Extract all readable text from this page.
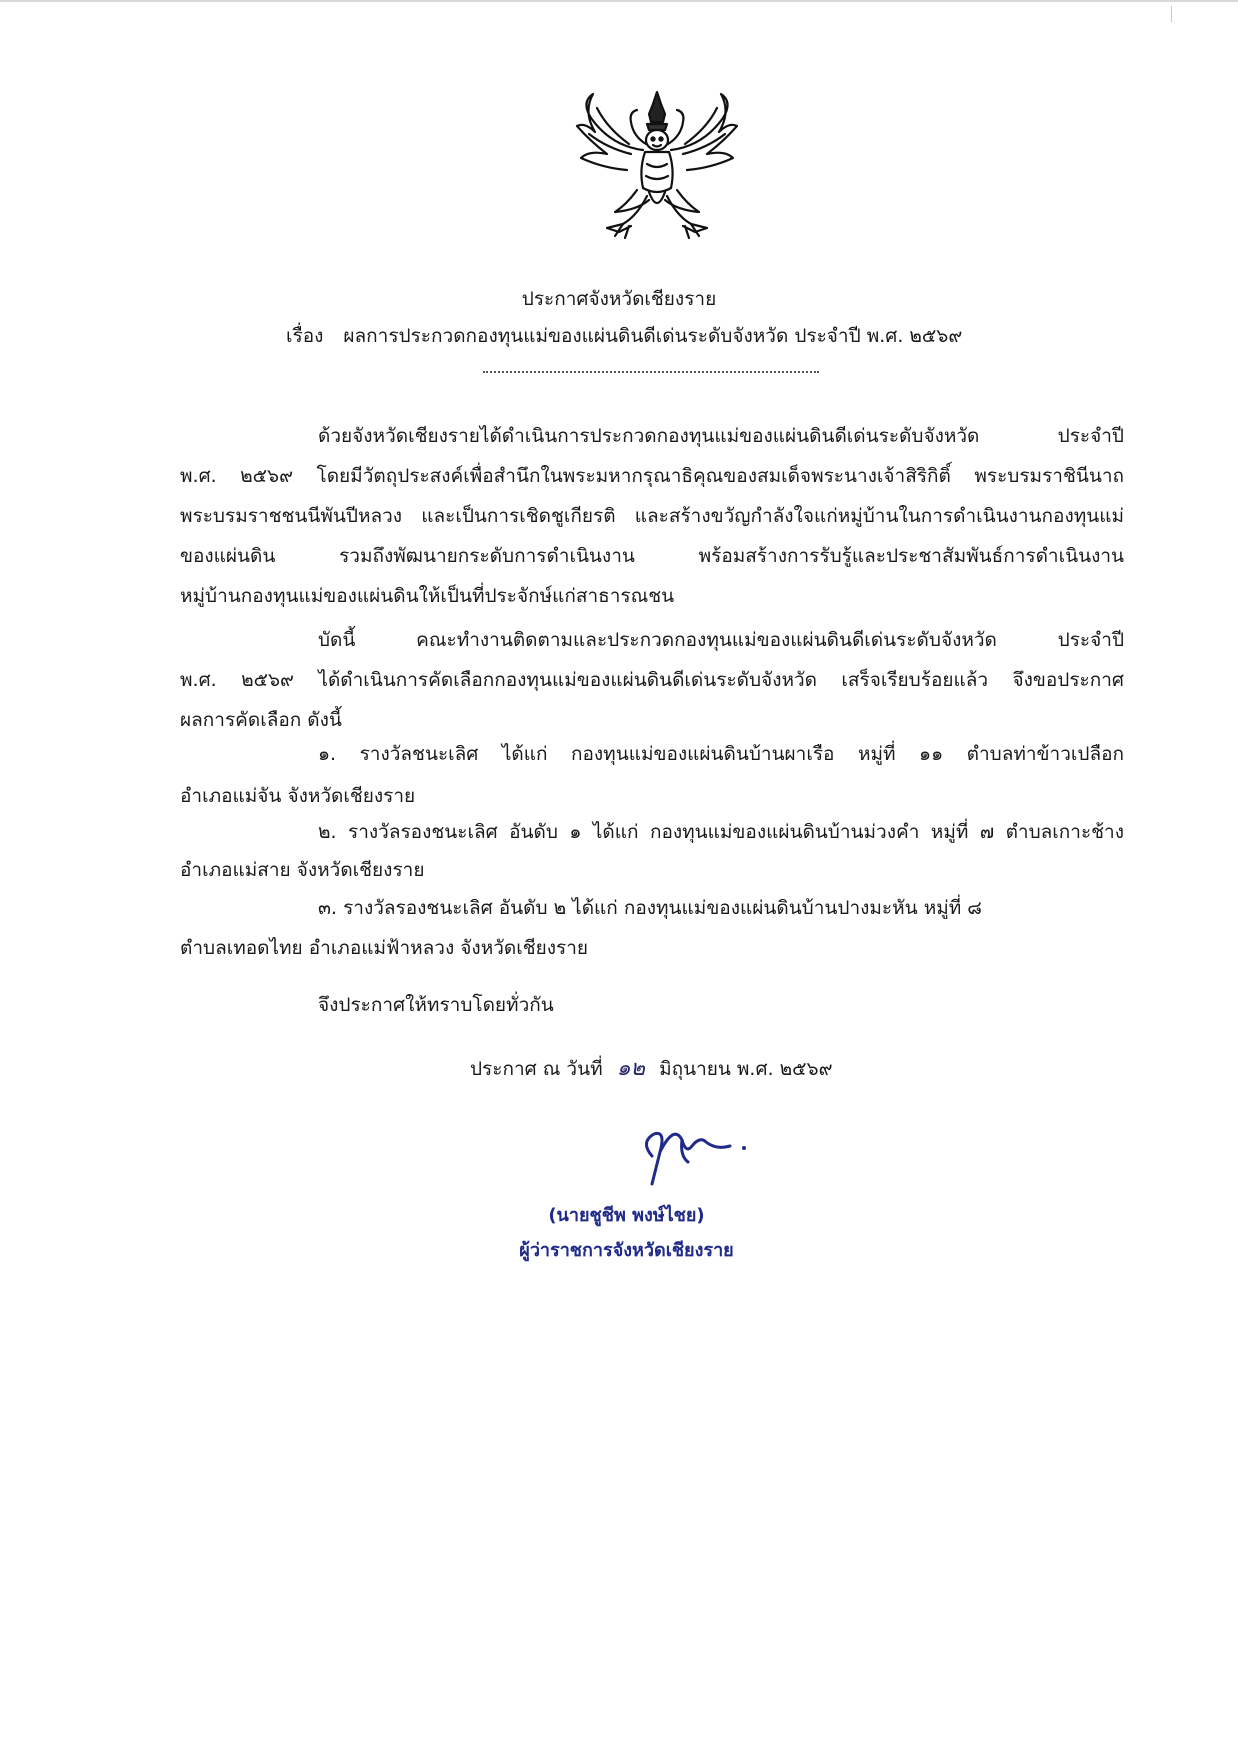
ประกาศจังหวัดเชียงราย
เรื่อง ผลการประกวดกองทุนแม่ของแผ่นดินดีเด่นระดับจังหวัด ประจำปี พ.ศ. ๒๕๖๙
ด้วยจังหวัดเชียงรายได้ดำเนินการประกวดกองทุนแม่ของแผ่นดินดีเด่นระดับจังหวัด ประจำปี
พ.ศ. ๒๕๖๙ โดยมีวัตถุประสงค์เพื่อสำนึกในพระมหากรุณาธิคุณของสมเด็จพระนางเจ้าสิริกิติ์ พระบรมราชินีนาถ
พระบรมราชชนนีพันปีหลวง และเป็นการเชิดชูเกียรติ และสร้างขวัญกำลังใจแก่หมู่บ้านในการดำเนินงานกองทุนแม่
ของแผ่นดิน รวมถึงพัฒนายกระดับการดำเนินงาน พร้อมสร้างการรับรู้และประชาสัมพันธ์การดำเนินงาน
หมู่บ้านกองทุนแม่ของแผ่นดินให้เป็นที่ประจักษ์แก่สาธารณชน
บัดนี้ คณะทำงานติดตามและประกวดกองทุนแม่ของแผ่นดินดีเด่นระดับจังหวัด ประจำปี
พ.ศ. ๒๕๖๙ ได้ดำเนินการคัดเลือกกองทุนแม่ของแผ่นดินดีเด่นระดับจังหวัด เสร็จเรียบร้อยแล้ว จึงขอประกาศ
ผลการคัดเลือก ดังนี้
๑. รางวัลชนะเลิศ ได้แก่ กองทุนแม่ของแผ่นดินบ้านผาเรือ หมู่ที่ ๑๑ ตำบลท่าข้าวเปลือก
อำเภอแม่จัน จังหวัดเชียงราย
๒. รางวัลรองชนะเลิศ อันดับ ๑ ได้แก่ กองทุนแม่ของแผ่นดินบ้านม่วงคำ หมู่ที่ ๗ ตำบลเกาะช้าง
อำเภอแม่สาย จังหวัดเชียงราย
๓. รางวัลรองชนะเลิศ อันดับ ๒ ได้แก่ กองทุนแม่ของแผ่นดินบ้านปางมะหัน หมู่ที่ ๘
ตำบลเทอดไทย อำเภอแม่ฟ้าหลวง จังหวัดเชียงราย
จึงประกาศให้ทราบโดยทั่วกัน
ประกาศ ณ วันที่ ๑๒ มิถุนายน พ.ศ. ๒๕๖๙
(นายชูชีพ พงษ์ไชย)
ผู้ว่าราชการจังหวัดเชียงราย
